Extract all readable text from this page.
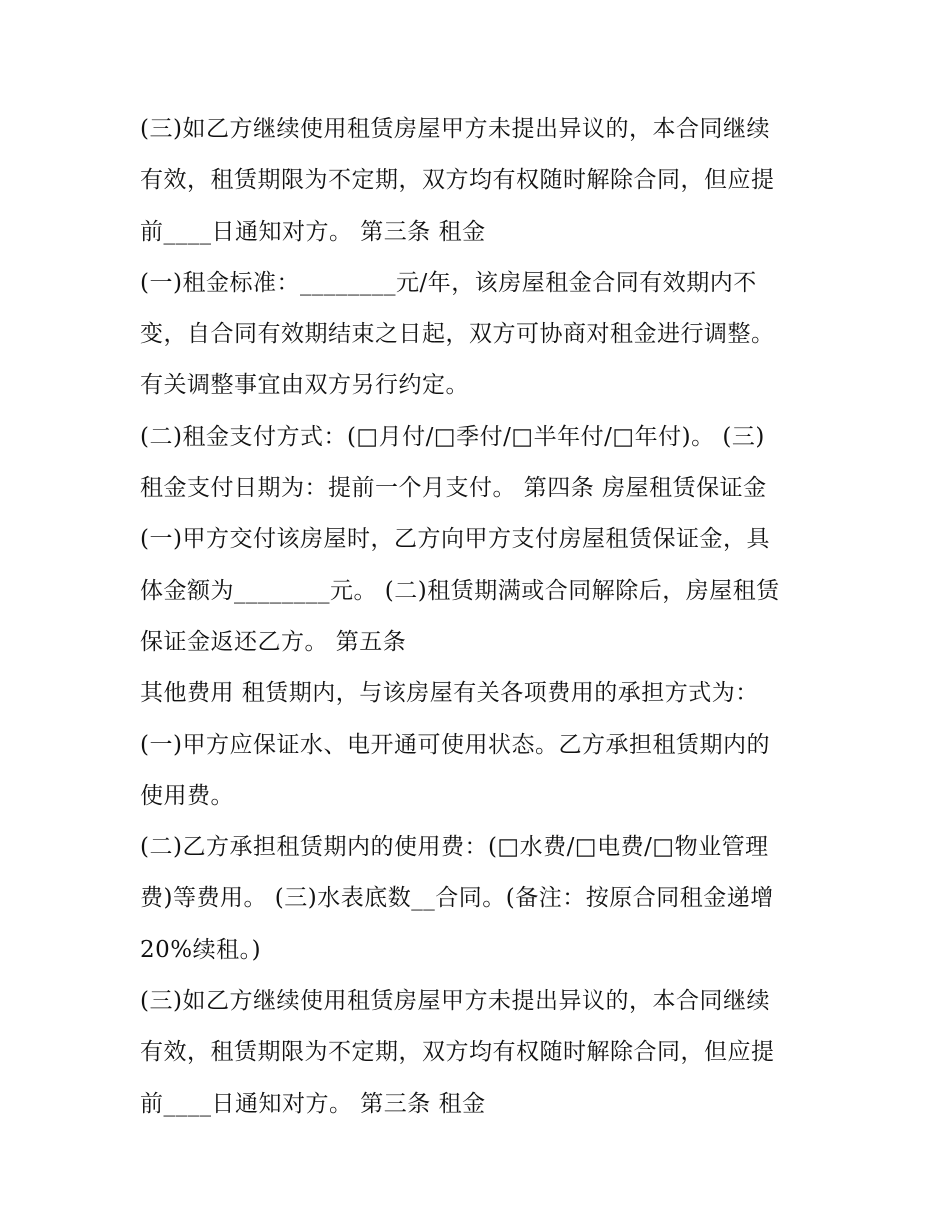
(三)如乙方继续使用租赁房屋甲方未提出异议的，本合同继续
有效，租赁期限为不定期，双方均有权随时解除合同，但应提
前____日通知对方。 第三条 租金
(一)租金标准：________元/年，该房屋租金合同有效期内不
变，自合同有效期结束之日起，双方可协商对租金进行调整。
有关调整事宜由双方另行约定。
(二)租金支付方式：(□月付/□季付/□半年付/□年付)。 (三)
租金支付日期为：提前一个月支付。 第四条 房屋租赁保证金
(一)甲方交付该房屋时，乙方向甲方支付房屋租赁保证金，具
体金额为________元。 (二)租赁期满或合同解除后，房屋租赁
保证金返还乙方。 第五条
其他费用 租赁期内，与该房屋有关各项费用的承担方式为：
(一)甲方应保证水、电开通可使用状态。乙方承担租赁期内的
使用费。
(二)乙方承担租赁期内的使用费：(□水费/□电费/□物业管理
费)等费用。 (三)水表底数__合同。(备注：按原合同租金递增
20%续租。)
(三)如乙方继续使用租赁房屋甲方未提出异议的，本合同继续
有效，租赁期限为不定期，双方均有权随时解除合同，但应提
前____日通知对方。 第三条 租金
